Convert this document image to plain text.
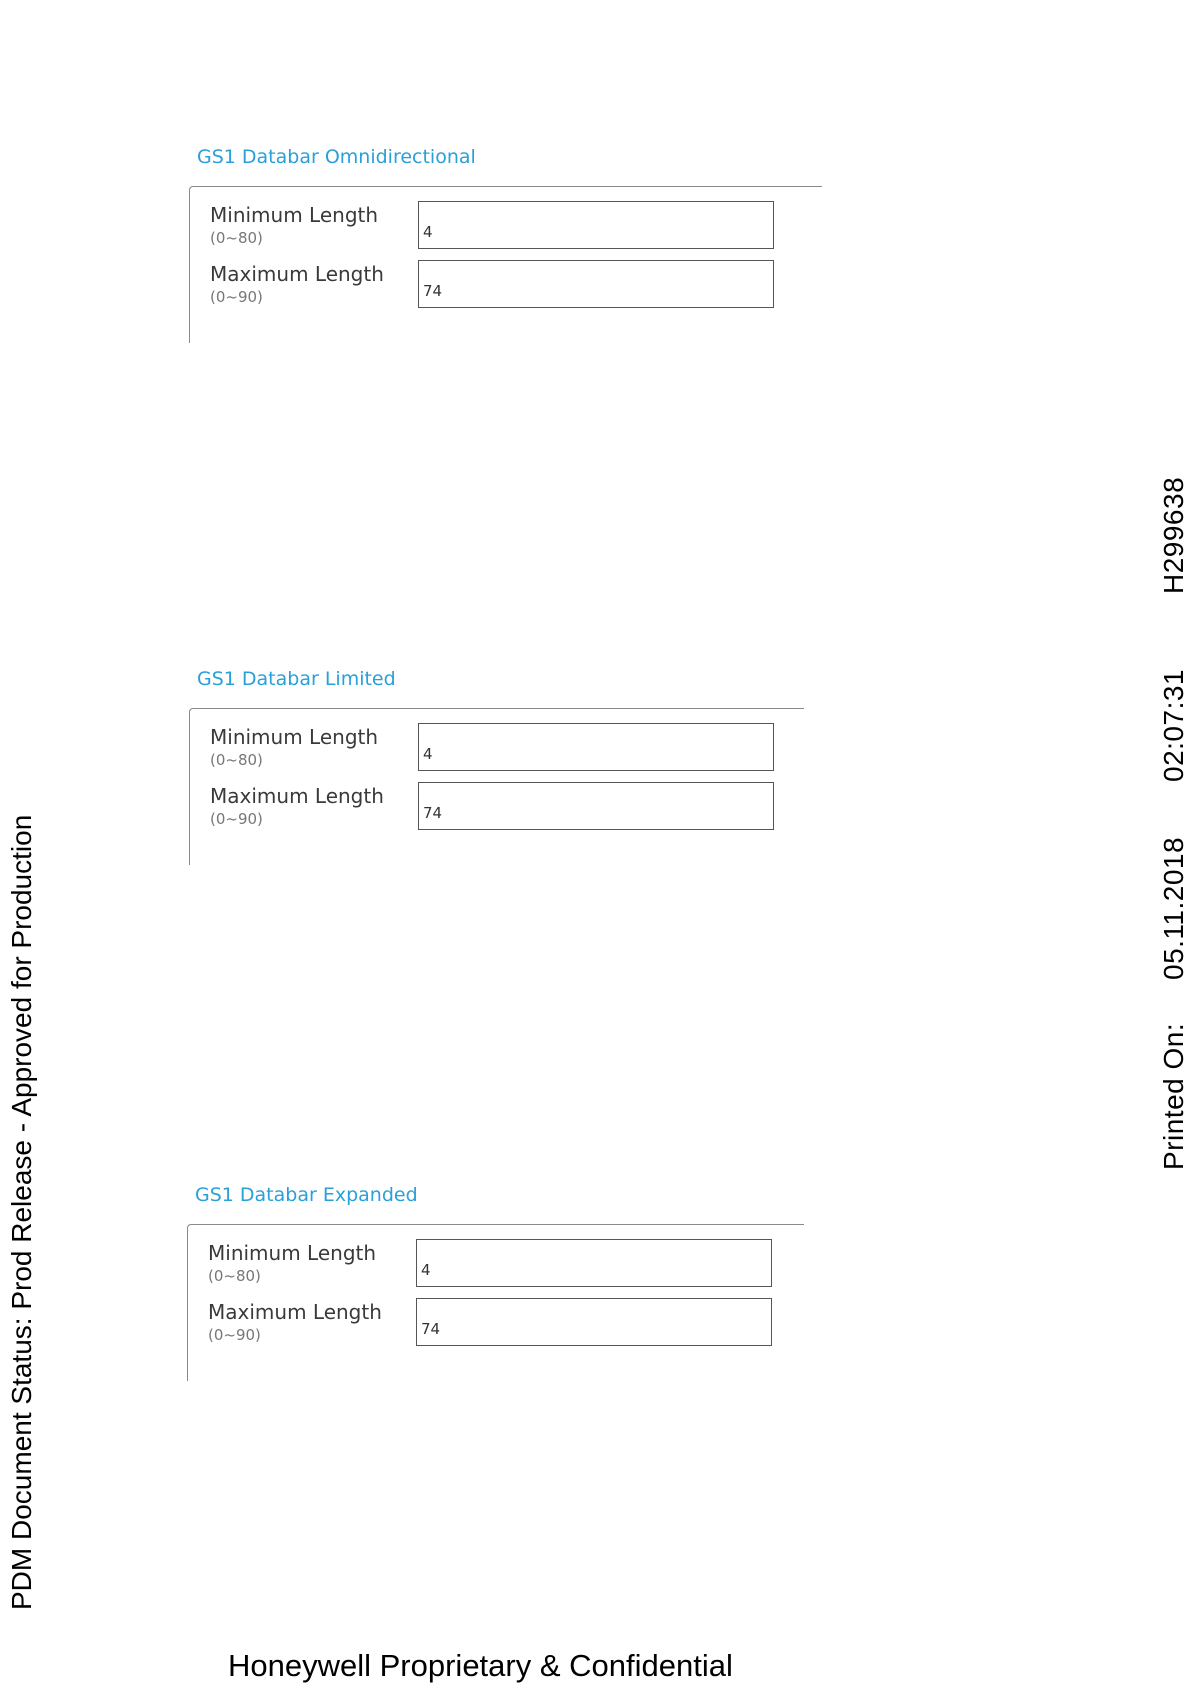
GS1 Databar Omnidirectional
Minimum Length
(0~80)
4
Maximum Length
(0~90)
74
GS1 Databar Limited
Minimum Length
(0~80)
4
Maximum Length
(0~90)
74
GS1 Databar Expanded
Minimum Length
(0~80)
4
Maximum Length
(0~90)
74
PDM Document Status: Prod Release - Approved for Production	Printed On:05.11.201802:07:31H299638
Honeywell Proprietary & Confidential
